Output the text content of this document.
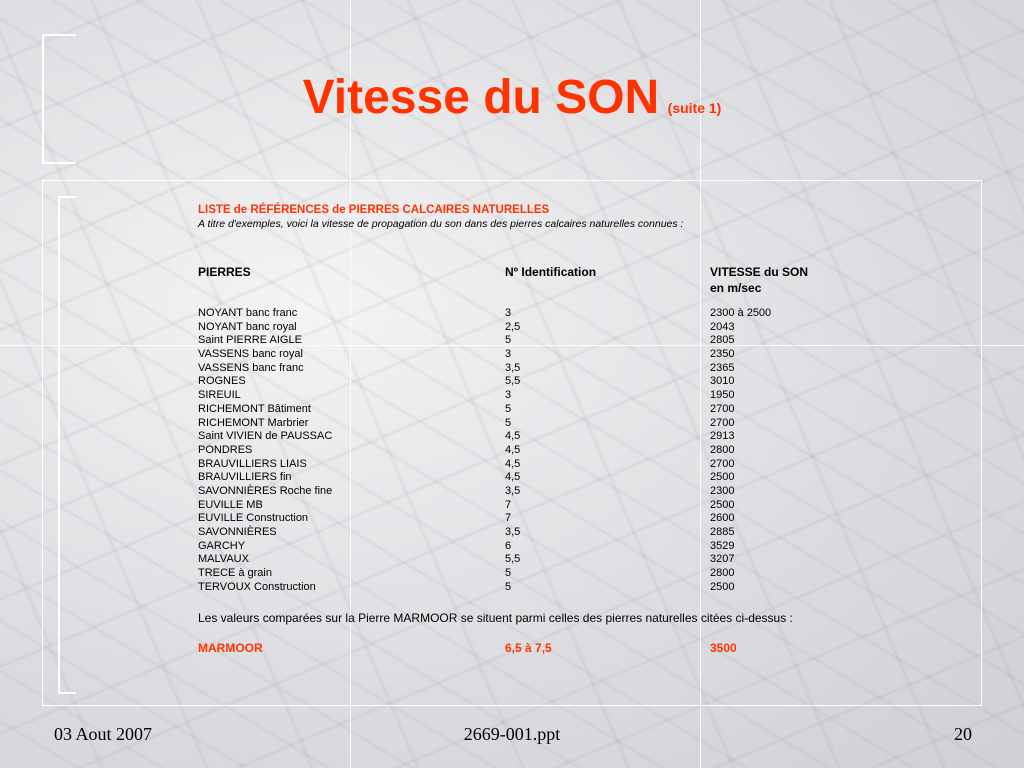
Vitesse du SON (suite 1)
LISTE de RÉFÉRENCES de PIERRES CALCAIRES NATURELLES
A titre d'exemples, voici la vitesse de propagation du son dans des pierres calcaires naturelles connues :
PIERRES	Nº Identification	VITESSE du SON
en m/sec
NOYANT banc franc	3	2300 à 2500
NOYANT banc royal	2,5	2043
Saint PIERRE AIGLE	5	2805
VASSENS banc royal	3	2350
VASSENS banc franc	3,5	2365
ROGNES	5,5	3010
SIREUIL	3	1950
RICHEMONT Bâtiment	5	2700
RICHEMONT Marbrier	5	2700
Saint VIVIEN de PAUSSAC	4,5	2913
PONDRES	4,5	2800
BRAUVILLIERS LIAIS	4,5	2700
BRAUVILLIERS fin	4,5	2500
SAVONNIÈRES Roche fine	3,5	2300
EUVILLE MB	7	2500
EUVILLE Construction	7	2600
SAVONNIÈRES	3,5	2885
GARCHY	6	3529
MALVAUX	5,5	3207
TRECE à grain	5	2800
TERVOUX Construction	5	2500
Les valeurs comparées sur la Pierre MARMOOR se situent parmi celles des pierres naturelles citées ci-dessus :
MARMOOR	6,5 à 7,5	3500
03 Aout 2007	2669-001.ppt	20
